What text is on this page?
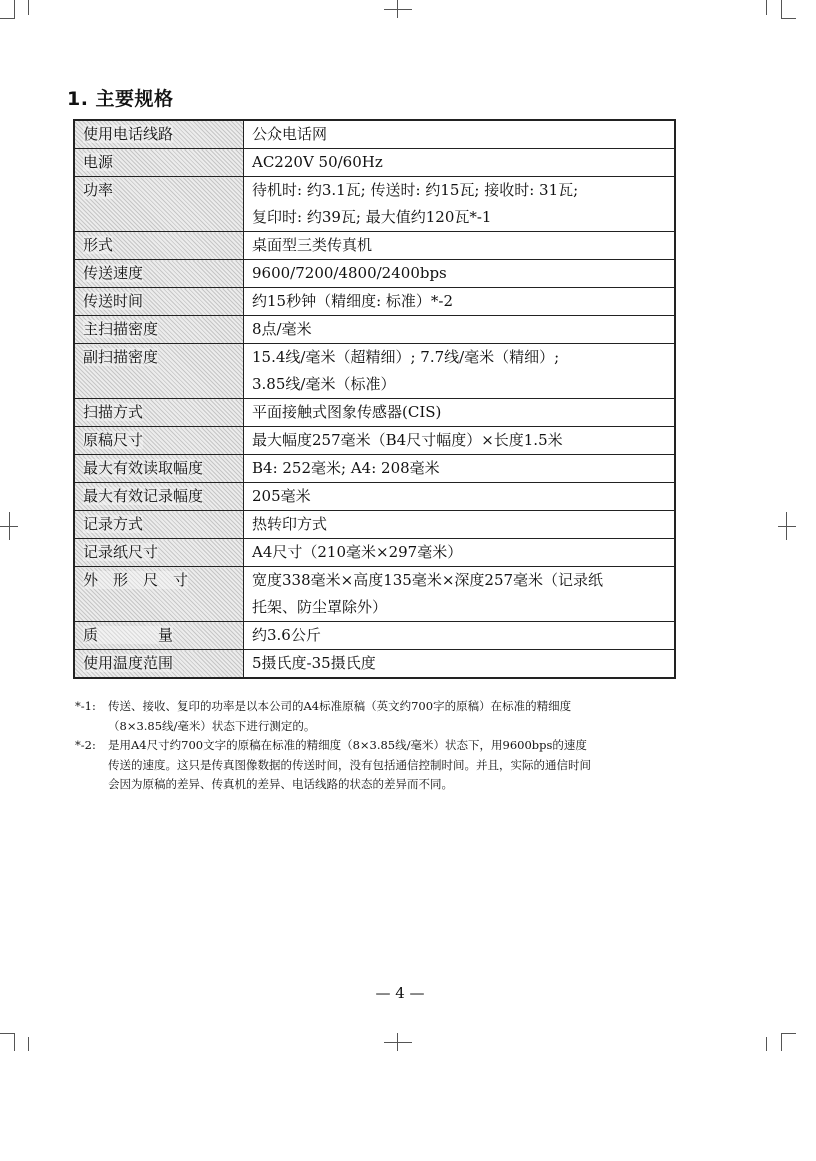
1. 主要规格
使用电话线路	公众电话网
电源	AC220V 50/60Hz
功率	待机时: 约3.1瓦; 传送时: 约15瓦; 接收时: 31瓦;
复印时: 约39瓦; 最大值约120瓦*-1

形式	桌面型三类传真机
传送速度	9600/7200/4800/2400bps
传送时间	约15秒钟（精细度: 标准）*-2
主扫描密度	8点/毫米
副扫描密度	15.4线/毫米（超精细）; 7.7线/毫米（精细）;
3.85线/毫米（标准）

扫描方式	平面接触式图象传感器(CIS)
原稿尺寸	最大幅度257毫米（B4尺寸幅度）×长度1.5米
最大有效读取幅度	B4: 252毫米; A4: 208毫米
最大有效记录幅度	205毫米
记录方式	热转印方式
记录纸尺寸	A4尺寸（210毫米×297毫米）
外　形　尺　寸	宽度338毫米×高度135毫米×深度257毫米（记录纸
托架、防尘罩除外）

质　　　　量	约3.6公斤
使用温度范围	5摄氏度-35摄氏度
*-1:	传送、接收、复印的功率是以本公司的A4标准原稿（英文约700字的原稿）在标准的精细度（8×3.85线/毫米）状态下进行测定的。
*-2:	是用A4尺寸约700文字的原稿在标准的精细度（8×3.85线/毫米）状态下，用9600bps的速度传送的速度。这只是传真图像数据的传送时间，没有包括通信控制时间。并且，实际的通信时间会因为原稿的差异、传真机的差异、电话线路的状态的差异而不同。
— 4 —
